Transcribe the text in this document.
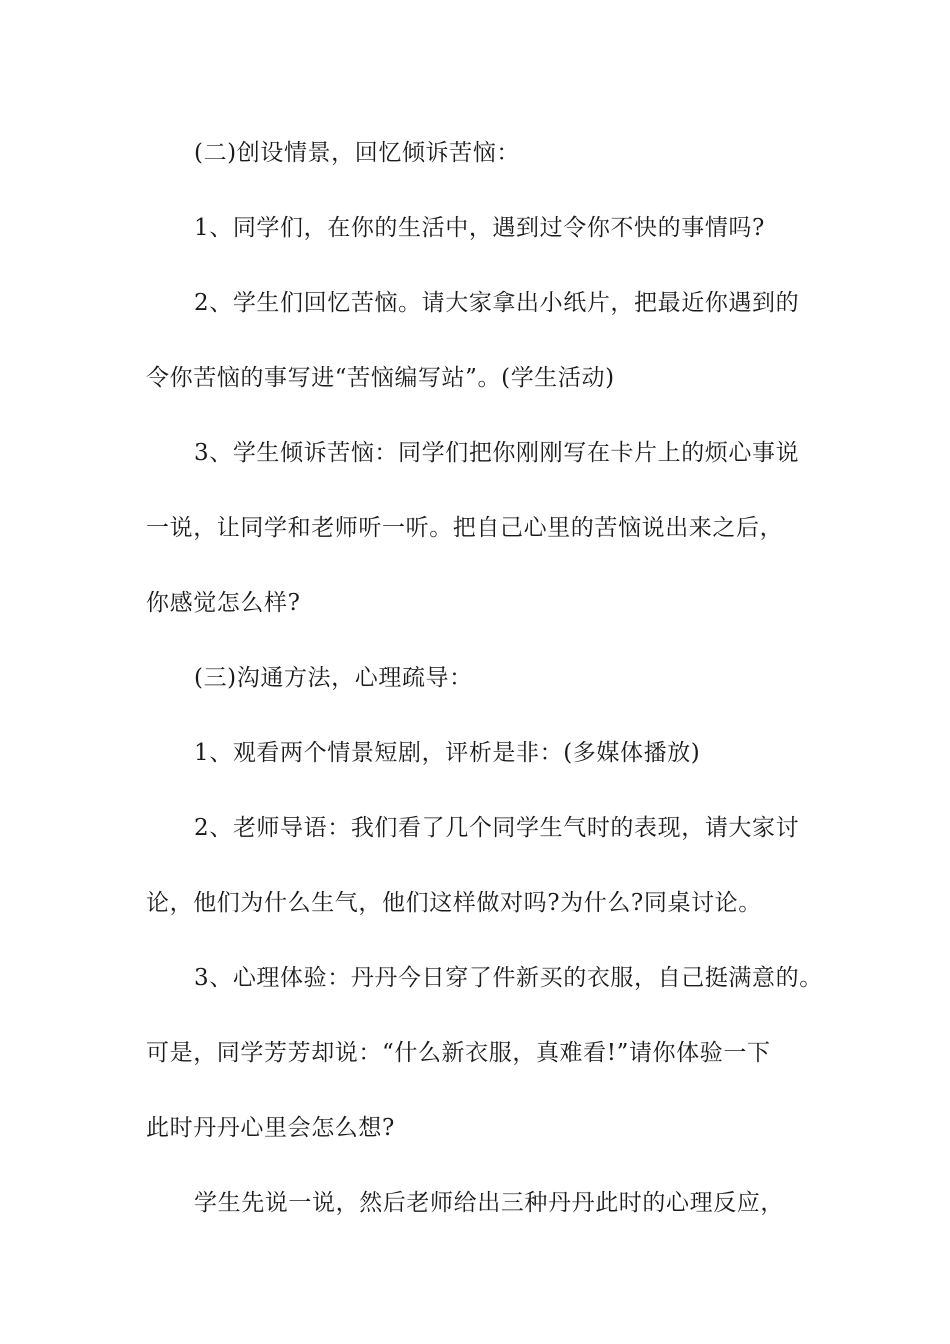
(二)创设情景，回忆倾诉苦恼：
1、同学们，在你的生活中，遇到过令你不快的事情吗?
2、学生们回忆苦恼。请大家拿出小纸片，把最近你遇到的
令你苦恼的事写进“苦恼编写站”。(学生活动)
3、学生倾诉苦恼：同学们把你刚刚写在卡片上的烦心事说
一说，让同学和老师听一听。把自己心里的苦恼说出来之后，
你感觉怎么样?
(三)沟通方法，心理疏导：
1、观看两个情景短剧，评析是非：(多媒体播放)
2、老师导语：我们看了几个同学生气时的表现，请大家讨
论，他们为什么生气，他们这样做对吗?为什么?同桌讨论。
3、心理体验：丹丹今日穿了件新买的衣服，自己挺满意的。
可是，同学芳芳却说：“什么新衣服，真难看!”请你体验一下
此时丹丹心里会怎么想?
学生先说一说，然后老师给出三种丹丹此时的心理反应，
